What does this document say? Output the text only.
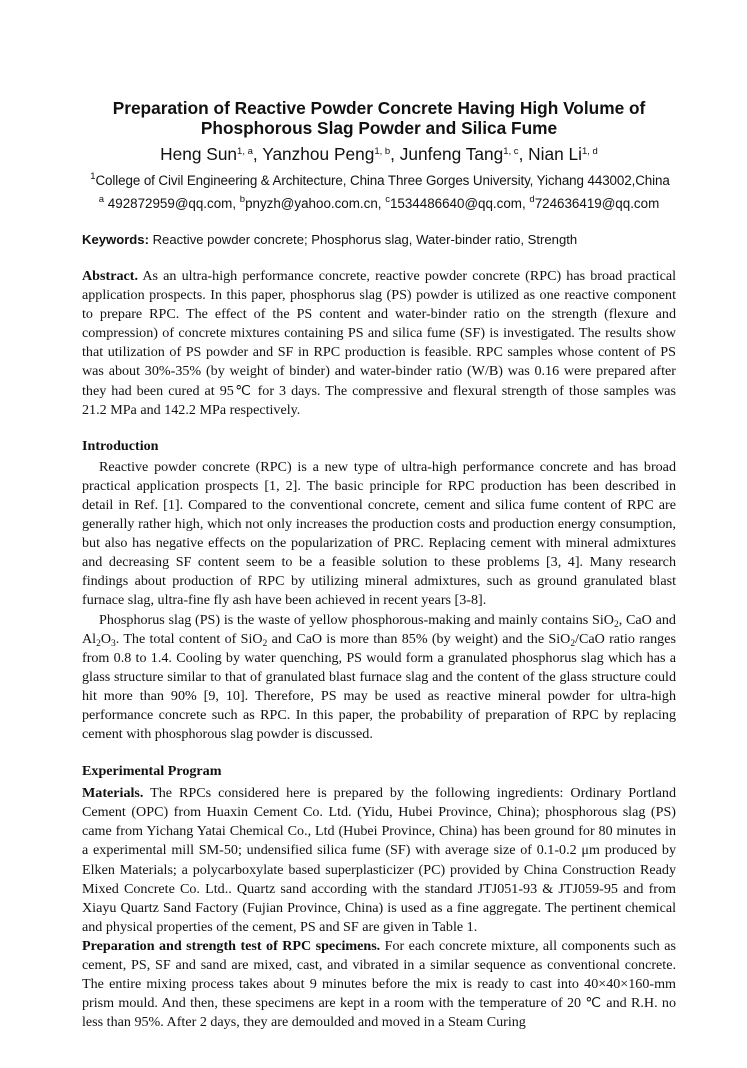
Preparation of Reactive Powder Concrete Having High Volume of
Phosphorous Slag Powder and Silica Fume
Heng Sun$^{1, a}$, Yanzhou Peng$^{1, b}$, Junfeng Tang$^{1, c}$, Nian Li$^{1, d}$
$^1$College of Civil Engineering & Architecture, China Three Gorges University, Yichang 443002,China
$^a$ 492872959@qq.com, $^b$pnyzh@yahoo.com.cn, $^c$1534486640@qq.com, $^d$724636419@qq.com
Keywords: Reactive powder concrete; Phosphorus slag, Water-binder ratio, Strength

Abstract. As an ultra-high performance concrete, reactive powder concrete (RPC) has broad practical application prospects. In this paper, phosphorus slag (PS) powder is utilized as one reactive component to prepare RPC. The effect of the PS content and water-binder ratio on the strength (flexure and compression) of concrete mixtures containing PS and silica fume (SF) is investigated. The results show that utilization of PS powder and SF in RPC production is feasible. RPC samples whose content of PS was about 30%-35% (by weight of binder) and water-binder ratio (W/B) was 0.16 were prepared after they had been cured at 95℃ for 3 days. The compressive and flexural strength of those samples was 21.2 MPa and 142.2 MPa respectively.

Introduction

Reactive powder concrete (RPC) is a new type of ultra-high performance concrete and has broad practical application prospects [1, 2]. The basic principle for RPC production has been described in detail in Ref. [1]. Compared to the conventional concrete, cement and silica fume content of RPC are generally rather high, which not only increases the production costs and production energy consumption, but also has negative effects on the popularization of PRC. Replacing cement with mineral admixtures and decreasing SF content seem to be a feasible solution to these problems [3, 4]. Many research findings about production of RPC by utilizing mineral admixtures, such as ground granulated blast furnace slag, ultra-fine fly ash have been achieved in recent years [3-8].

Phosphorus slag (PS) is the waste of yellow phosphorous-making and mainly contains SiO$_2$, CaO and $Al_2O_3$. The total content of SiO$_2$ and CaO is more than 85% (by weight) and the SiO$_2$/CaO ratio ranges from 0.8 to 1.4. Cooling by water quenching, PS would form a granulated phosphorus slag which has a glass structure similar to that of granulated blast furnace slag and the content of the glass structure could hit more than 90% [9, 10]. Therefore, PS may be used as reactive mineral powder for ultra-high performance concrete such as RPC. In this paper, the probability of preparation of RPC by replacing cement with phosphorous slag powder is discussed.

Experimental Program

Materials. The RPCs considered here is prepared by the following ingredients: Ordinary Portland Cement (OPC) from Huaxin Cement Co. Ltd. (Yidu, Hubei Province, China); phosphorous slag (PS) came from Yichang Yatai Chemical Co., Ltd (Hubei Province, China) has been ground for 80 minutes in a experimental mill SM-50; undensified silica fume (SF) with average size of 0.1-0.2 μm produced by Elken Materials; a polycarboxylate based superplasticizer (PC) provided by China Construction Ready Mixed Concrete Co. Ltd.. Quartz sand according with the standard JTJ051-93 & JTJ059-95 and from Xiayu Quartz Sand Factory (Fujian Province, China) is used as a fine aggregate. The pertinent chemical and physical properties of the cement, PS and SF are given in Table 1.

Preparation and strength test of RPC specimens. For each concrete mixture, all components such as cement, PS, SF and sand are mixed, cast, and vibrated in a similar sequence as conventional concrete. The entire mixing process takes about 9 minutes before the mix is ready to cast into 40×40×160-mm prism mould. And then, these specimens are kept in a room with the temperature of 20 ℃ and R.H. no less than 95%. After 2 days, they are demoulded and moved in a Steam Curing
